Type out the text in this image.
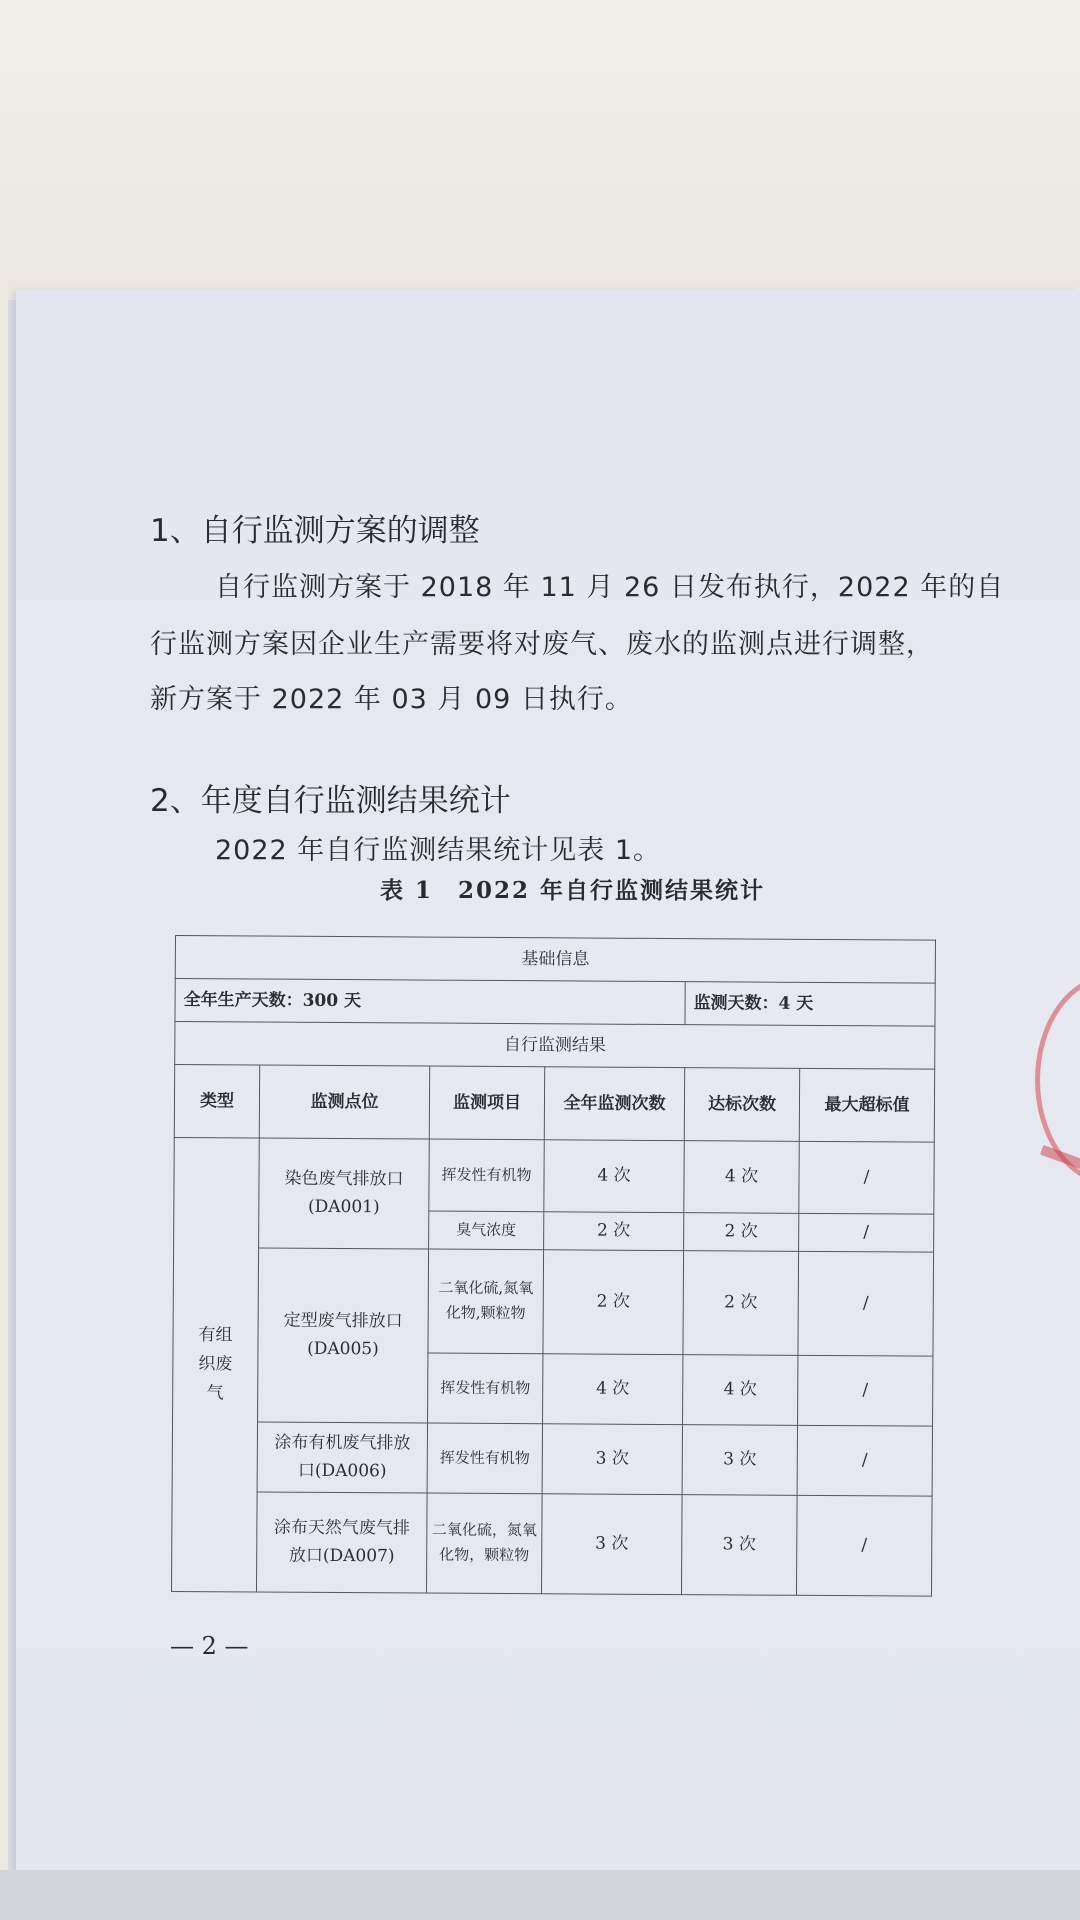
1、自行监测方案的调整
自行监测方案于 2018 年 11 月 26 日发布执行，2022 年的自
行监测方案因企业生产需要将对废气、废水的监测点进行调整，
新方案于 2022 年 03 月 09 日执行。
2、年度自行监测结果统计
2022 年自行监测结果统计见表 1。
表 1　2022 年自行监测结果统计
基础信息					
全年生产天数：300 天				监测天数：4 天	
自行监测结果					
类型	监测点位	监测项目	全年监测次数	达标次数	最大超标值
有组织废气	染色废气排放口(DA001)	挥发性有机物	4 次	4 次	/
		臭气浓度	2 次	2 次	/
	定型废气排放口(DA005)	二氧化硫,氮氧化物,颗粒物	2 次	2 次	/
		挥发性有机物	4 次	4 次	/
	涂布有机废气排放口(DA006)	挥发性有机物	3 次	3 次	/
	涂布天然气废气排放口(DA007)	二氧化硫，氮氧化物，颗粒物	3 次	3 次	/
— 2 —
